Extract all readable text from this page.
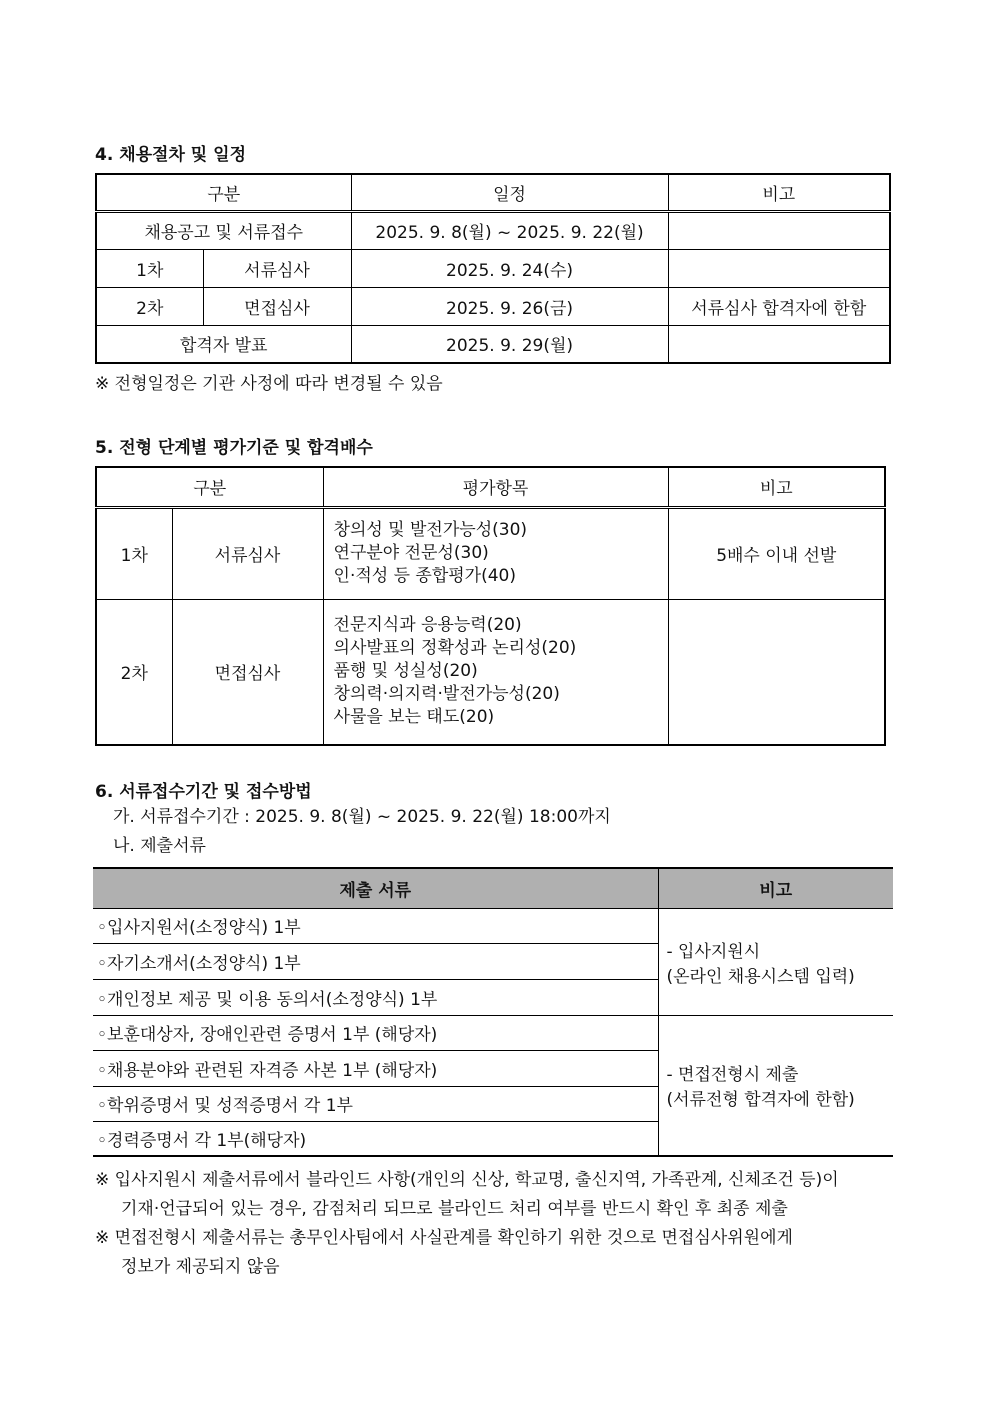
4. 채용절차 및 일정
구분		일정	비고
채용공고 및 서류접수		2025. 9. 8(월) ~ 2025. 9. 22(월)	
1차	서류심사	2025. 9. 24(수)	
2차	면접심사	2025. 9. 26(금)	서류심사 합격자에 한함
합격자 발표		2025. 9. 29(월)	
※ 전형일정은 기관 사정에 따라 변경될 수 있음
5. 전형 단계별 평가기준 및 합격배수
구분		평가항목	비고
1차	서류심사	창의성 및 발전가능성(30)
연구분야 전문성(30)
인·적성 등 종합평가(40)	5배수 이내 선발
2차	면접심사	전문지식과 응용능력(20)
의사발표의 정확성과 논리성(20)
품행 및 성실성(20)
창의력·의지력·발전가능성(20)
사물을 보는 태도(20)	

6. 서류접수기간 및 접수방법
가. 서류접수기간 : 2025. 9. 8(월) ~ 2025. 9. 22(월) 18:00까지
나. 제출서류
제출 서류	비고
◦입사지원서(소정양식) 1부	- 입사지원시
(온라인 채용시스템 입력)

◦자기소개서(소정양식) 1부	
◦개인정보 제공 및 이용 동의서(소정양식) 1부	
◦보훈대상자, 장애인관련 증명서 1부 (해당자)	- 면접전형시 제출
(서류전형 합격자에 한함)

◦채용분야와 관련된 자격증 사본 1부 (해당자)	
◦학위증명서 및 성적증명서 각 1부	
◦경력증명서 각 1부(해당자)	
※ 입사지원시 제출서류에서 블라인드 사항(개인의 신상, 학교명, 출신지역, 가족관계, 신체조건 등)이
기재·언급되어 있는 경우, 감점처리 되므로 블라인드 처리 여부를 반드시 확인 후 최종 제출
※ 면접전형시 제출서류는 총무인사팀에서 사실관계를 확인하기 위한 것으로 면접심사위원에게
정보가 제공되지 않음
